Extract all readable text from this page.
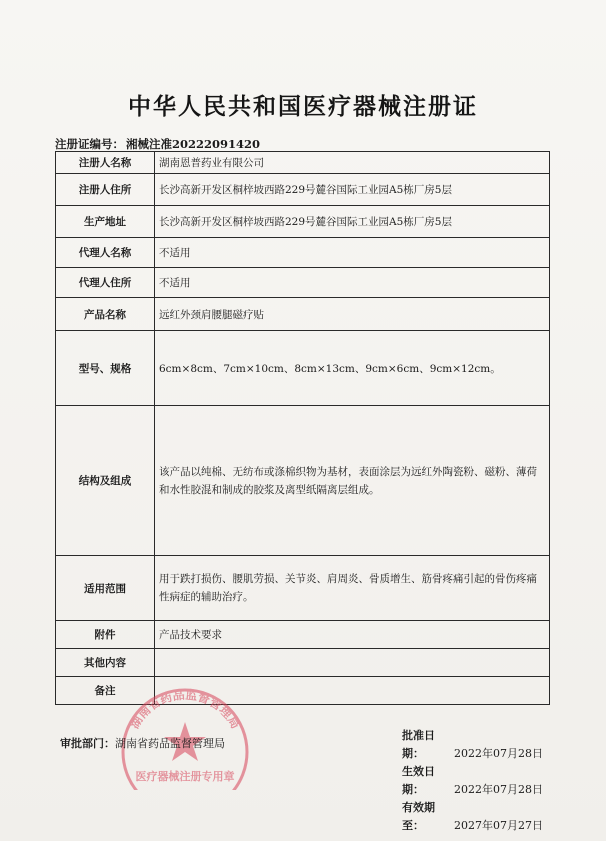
中华人民共和国医疗器械注册证
注册证编号： 湘械注准20222091420
注册人名称	湖南恩普药业有限公司
注册人住所	长沙高新开发区桐梓坡西路229号麓谷国际工业园A5栋厂房5层
生产地址	长沙高新开发区桐梓坡西路229号麓谷国际工业园A5栋厂房5层
代理人名称	不适用
代理人住所	不适用
产品名称	远红外颈肩腰腿磁疗贴
型号、规格	6cm×8cm、7cm×10cm、8cm×13cm、9cm×6cm、9cm×12cm。
结构及组成	该产品以纯棉、无纺布或涤棉织物为基材，表面涂层为远红外陶瓷粉、磁粉、薄荷和水性胶混和制成的胶浆及离型纸隔离层组成。
适用范围	用于跌打损伤、腰肌劳损、关节炎、肩周炎、骨质增生、筋骨疼痛引起的骨伤疼痛性病症的辅助治疗。
附件	产品技术要求
其他内容	
备注	
湖南省药品监督管理局
医疗器械注册专用章
审批部门：湖南省药品监督管理局
批准日期：	2022年07月28日
生效日期：	2022年07月28日
有效期至：	2027年07月27日
